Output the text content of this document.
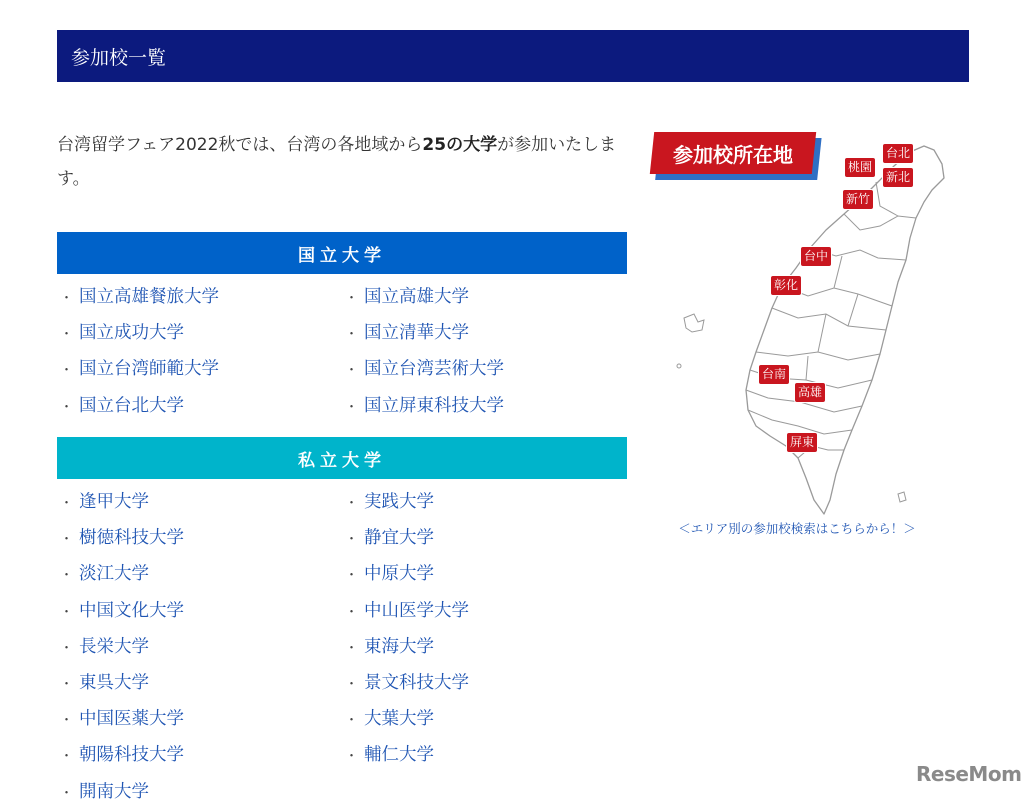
参加校一覧
台湾留学フェア2022秋では、台湾の各地域から25の大学が参加いたします。
国立大学
・ 国立高雄餐旅大学	・ 国立高雄大学
・ 国立成功大学	・ 国立清華大学
・ 国立台湾師範大学	・ 国立台湾芸術大学
・ 国立台北大学	・ 国立屏東科技大学
私立大学
・ 逢甲大学	・ 実践大学
・ 樹徳科技大学	・ 静宜大学
・ 淡江大学	・ 中原大学
・ 中国文化大学	・ 中山医学大学
・ 長栄大学	・ 東海大学
・ 東呉大学	・ 景文科技大学
・ 中国医薬大学	・ 大葉大学
・ 朝陽科技大学	・ 輔仁大学
・ 開南大学
参加校所在地	台北
桃園
新北
新竹
台中
彰化
台南
高雄
屏東
＜エリア別の参加校検索はこちらから！＞
ReseMom
